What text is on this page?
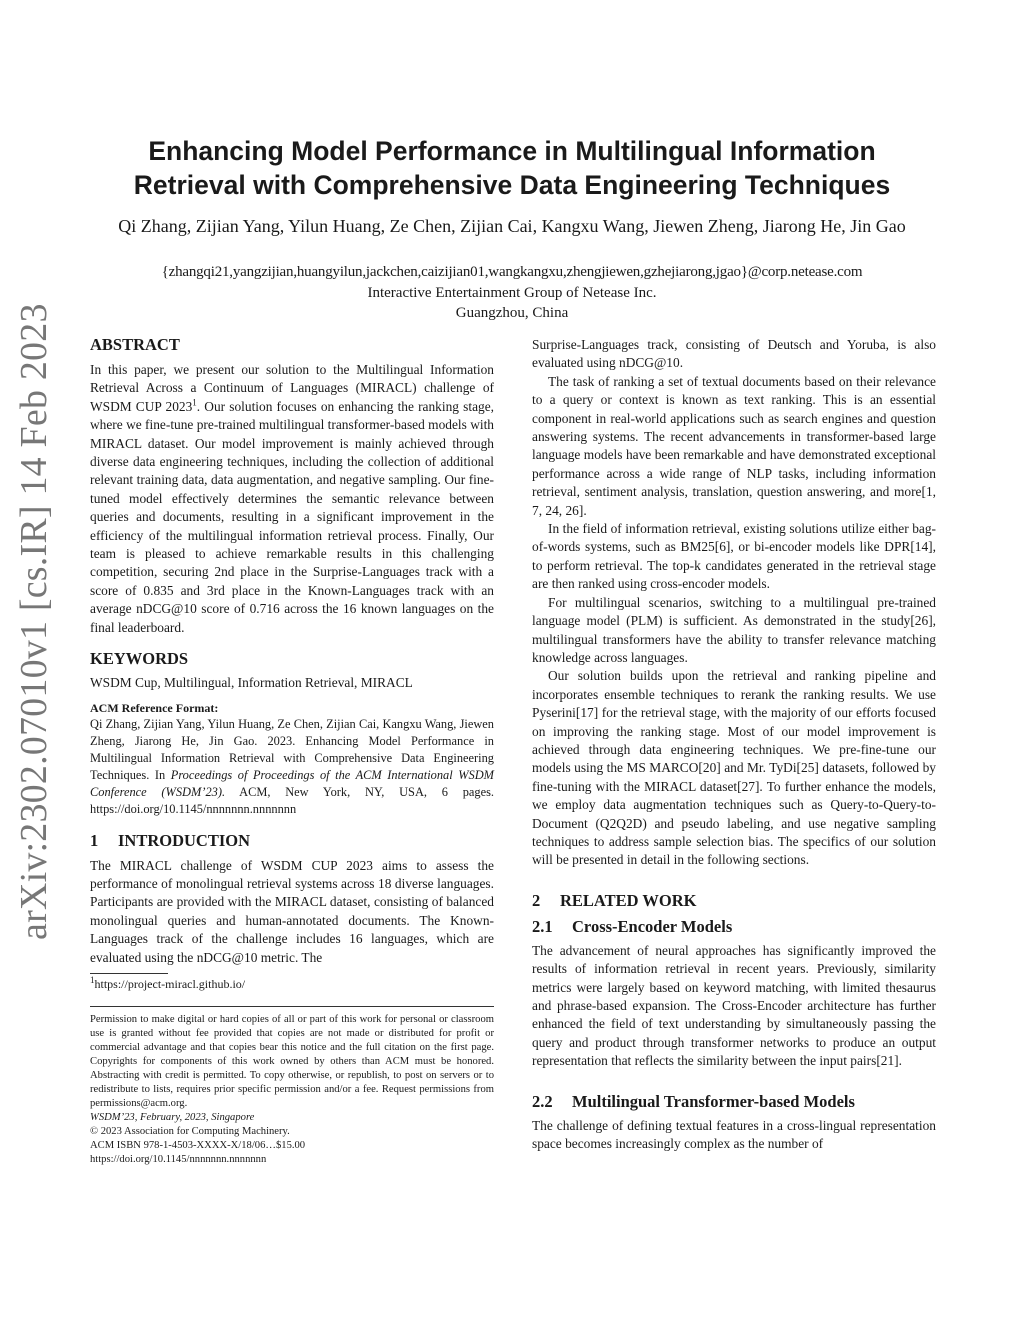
arXiv:2302.07010v1 [cs.IR] 14 Feb 2023
Enhancing Model Performance in Multilingual Information Retrieval with Comprehensive Data Engineering Techniques
Qi Zhang, Zijian Yang, Yilun Huang, Ze Chen, Zijian Cai, Kangxu Wang, Jiewen Zheng, Jiarong He, Jin Gao
{zhangqi21,yangzijian,huangyilun,jackchen,caizijian01,wangkangxu,zhengjiewen,gzhejiarong,jgao}@corp.netease.com
Interactive Entertainment Group of Netease Inc.
Guangzhou, China
ABSTRACT

In this paper, we present our solution to the Multilingual Information Retrieval Across a Continuum of Languages (MIRACL) challenge of WSDM CUP 2023$^1$. Our solution focuses on enhancing the ranking stage, where we fine-tune pre-trained multilingual transformer-based models with MIRACL dataset. Our model improvement is mainly achieved through diverse data engineering techniques, including the collection of additional relevant training data, data augmentation, and negative sampling. Our fine-tuned model effectively determines the semantic relevance between queries and documents, resulting in a significant improvement in the efficiency of the multilingual information retrieval process. Finally, Our team is pleased to achieve remarkable results in this challenging competition, securing 2nd place in the Surprise-Languages track with a score of 0.835 and 3rd place in the Known-Languages track with an average nDCG@10 score of 0.716 across the 16 known languages on the final leaderboard.

KEYWORDS

WSDM Cup, Multilingual, Information Retrieval, MIRACL

ACM Reference Format:

Qi Zhang, Zijian Yang, Yilun Huang, Ze Chen, Zijian Cai, Kangxu Wang, Jiewen Zheng, Jiarong He, Jin Gao. 2023. Enhancing Model Performance in Multilingual Information Retrieval with Comprehensive Data Engineering Techniques. In Proceedings of Proceedings of the ACM International WSDM Conference (WSDM’23). ACM, New York, NY, USA, 6 pages. https://doi.org/10.1145/nnnnnnn.nnnnnnn

1 INTRODUCTION

The MIRACL challenge of WSDM CUP 2023 aims to assess the performance of monolingual retrieval systems across 18 diverse languages. Participants are provided with the MIRACL dataset, consisting of balanced monolingual queries and human-annotated documents. The Known-Languages track of the challenge includes 16 languages, which are evaluated using the nDCG@10 metric. The

$^1$https://project-miracl.github.io/

Permission to make digital or hard copies of all or part of this work for personal or classroom use is granted without fee provided that copies are not made or distributed for profit or commercial advantage and that copies bear this notice and the full citation on the first page. Copyrights for components of this work owned by others than ACM must be honored. Abstracting with credit is permitted. To copy otherwise, or republish, to post on servers or to redistribute to lists, requires prior specific permission and/or a fee. Request permissions from permissions@acm.org.

WSDM’23, February, 2023, Singapore
© 2023 Association for Computing Machinery.
ACM ISBN 978-1-4503-XXXX-X/18/06…$15.00
https://doi.org/10.1145/nnnnnnn.nnnnnnn

Surprise-Languages track, consisting of Deutsch and Yoruba, is also evaluated using nDCG@10.

The task of ranking a set of textual documents based on their relevance to a query or context is known as text ranking. This is an essential component in real-world applications such as search engines and question answering systems. The recent advancements in transformer-based large language models have been remarkable and have demonstrated exceptional performance across a wide range of NLP tasks, including information retrieval, sentiment analysis, translation, question answering, and more[1, 7, 24, 26].

In the field of information retrieval, existing solutions utilize either bag-of-words systems, such as BM25[6], or bi-encoder models like DPR[14], to perform retrieval. The top-k candidates generated in the retrieval stage are then ranked using cross-encoder models.

For multilingual scenarios, switching to a multilingual pre-trained language model (PLM) is sufficient. As demonstrated in the study[26], multilingual transformers have the ability to transfer relevance matching knowledge across languages.

Our solution builds upon the retrieval and ranking pipeline and incorporates ensemble techniques to rerank the ranking results. We use Pyserini[17] for the retrieval stage, with the majority of our efforts focused on improving the ranking stage. Most of our model improvement is achieved through data engineering techniques. We pre-fine-tune our models using the MS MARCO[20] and Mr. TyDi[25] datasets, followed by fine-tuning with the MIRACL dataset[27]. To further enhance the models, we employ data augmentation techniques such as Query-to-Query-to-Document (Q2Q2D) and pseudo labeling, and use negative sampling techniques to address sample selection bias. The specifics of our solution will be presented in detail in the following sections.

2 RELATED WORK
2.1 Cross-Encoder Models

The advancement of neural approaches has significantly improved the results of information retrieval in recent years. Previously, similarity metrics were largely based on keyword matching, with limited thesaurus and phrase-based expansion. The Cross-Encoder architecture has further enhanced the field of text understanding by simultaneously passing the query and product through transformer networks to produce an output representation that reflects the similarity between the input pairs[21].

2.2 Multilingual Transformer-based Models

The challenge of defining textual features in a cross-lingual representation space becomes increasingly complex as the number of
